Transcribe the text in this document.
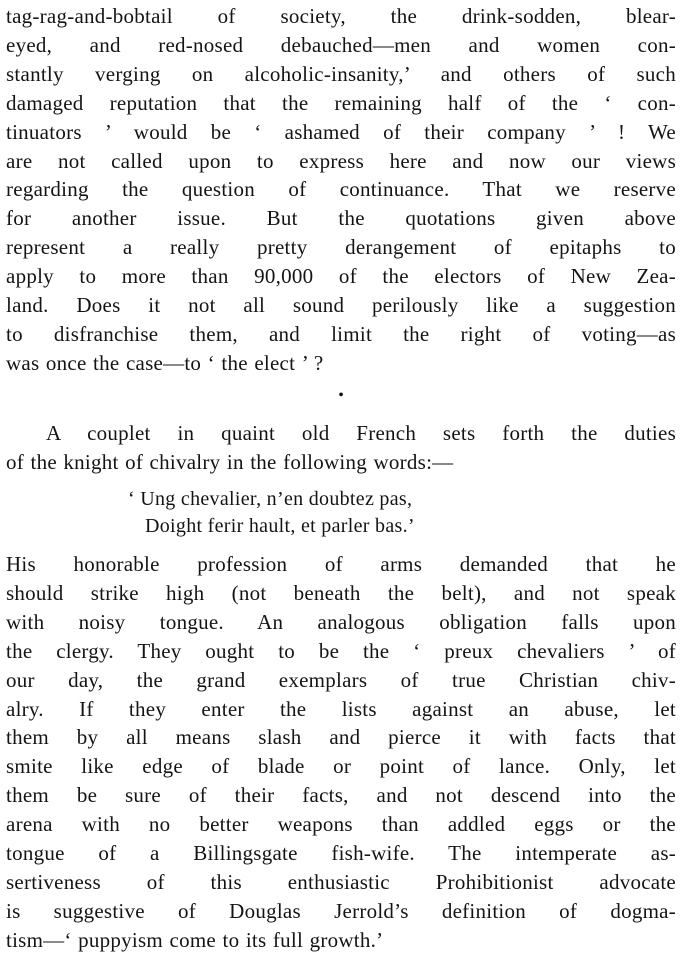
tag-rag-and-bobtail of society, the drink-sodden, blear-
eyed, and red-nosed debauched—men and women con-
stantly verging on alcoholic-insanity,’ and others of such
damaged reputation that the remaining half of the ‘ con-
tinuators ’ would be ‘ ashamed of their company ’ ! We
are not called upon to express here and now our views
regarding the question of continuance. That we reserve
for another issue. But the quotations given above
represent a really pretty derangement of epitaphs to
apply to more than 90,000 of the electors of New Zea-
land. Does it not all sound perilously like a suggestion
to disfranchise them, and limit the right of voting—as
was once the case—to ‘ the elect ’ ?
•
A couplet in quaint old French sets forth the duties
of the knight of chivalry in the following words:—
‘ Ung chevalier, n’en doubtez pas,
Doight ferir hault, et parler bas.’
His honorable profession of arms demanded that he
should strike high (not beneath the belt), and not speak
with noisy tongue. An analogous obligation falls upon
the clergy. They ought to be the ‘ preux chevaliers ’ of
our day, the grand exemplars of true Christian chiv-
alry. If they enter the lists against an abuse, let
them by all means slash and pierce it with facts that
smite like edge of blade or point of lance. Only, let
them be sure of their facts, and not descend into the
arena with no better weapons than addled eggs or the
tongue of a Billingsgate fish-wife. The intemperate as-
sertiveness of this enthusiastic Prohibitionist advocate
is suggestive of Douglas Jerrold’s definition of dogma-
tism—‘ puppyism come to its full growth.’
